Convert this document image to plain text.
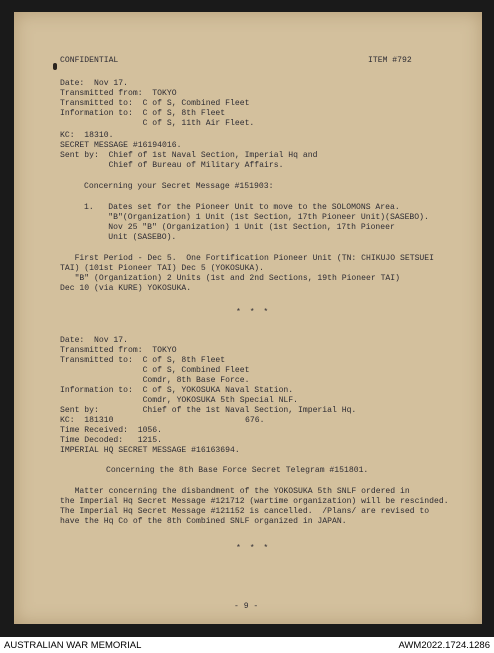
CONFIDENTIAL	ITEM #792
Date:  Nov 17.
Transmitted from:  TOKYO
Transmitted to:  C of S, Combined Fleet
Information to:  C of S, 8th Fleet
C of S, 11th Air Fleet.
KC:  18310.
SECRET MESSAGE #16194016.
Sent by:  Chief of 1st Naval Section, Imperial Hq and
Chief of Bureau of Military Affairs.
Concerning your Secret Message #151903:
1.   Dates set for the Pioneer Unit to move to the SOLOMONS Area.
"B"(Organization) 1 Unit (1st Section, 17th Pioneer Unit)(SASEBO).
Nov 25 "B" (Organization) 1 Unit (1st Section, 17th Pioneer
Unit (SASEBO).
First Period - Dec 5.  One Fortification Pioneer Unit (TN: CHIKUJO SETSUEI
TAI) (101st Pioneer TAI) Dec 5 (YOKOSUKA).
"B" (Organization) 2 Units (1st and 2nd Sections, 19th Pioneer TAI)
Dec 10 (via KURE) YOKOSUKA.
* * *
Date:  Nov 17.
Transmitted from:  TOKYO
Transmitted to:  C of S, 8th Fleet
C of S, Combined Fleet
Comdr, 8th Base Force.
Information to:  C of S, YOKOSUKA Naval Station.
Comdr, YOKOSUKA 5th Special NLF.
Sent by:         Chief of the 1st Naval Section, Imperial Hq.
KC:  181310	676.
Time Received:  1056.
Time Decoded:   1215.
IMPERIAL HQ SECRET MESSAGE #16163694.
Concerning the 8th Base Force Secret Telegram #151801.
Matter concerning the disbandment of the YOKOSUKA 5th SNLF ordered in
the Imperial Hq Secret Message #121712 (wartime organization) will be rescinded.
The Imperial Hq Secret Message #121152 is cancelled.  /Plans/ are revised to
have the Hq Co of the 8th Combined SNLF organized in JAPAN.
* * *
- 9 -
AUSTRALIAN WAR MEMORIAL	AWM2022.1724.1286
